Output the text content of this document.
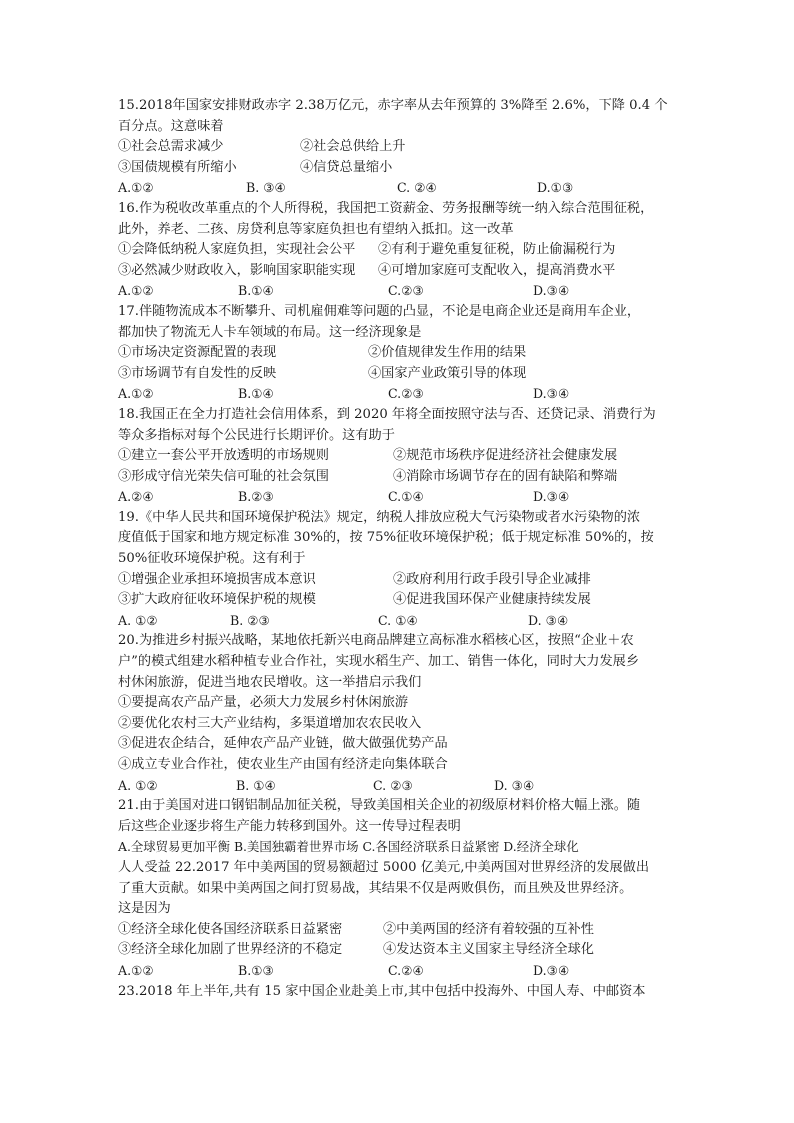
15.2018年国家安排财政赤字 2.38万亿元，赤字率从去年预算的 3%降至 2.6%，下降 0.4 个
百分点。这意味着
①社会总需求减少	②社会总供给上升
③国债规模有所缩小	④信贷总量缩小
A.①②	B. ③④	C. ②④	D.①③
16.作为税收改革重点的个人所得税，我国把工资薪金、劳务报酬等统一纳入综合范围征税，
此外，养老、二孩、房贷利息等家庭负担也有望纳入抵扣。这一改革
①会降低纳税人家庭负担，实现社会公平	②有利于避免重复征税，防止偷漏税行为
③必然减少财政收入，影响国家职能实现	④可增加家庭可支配收入，提高消费水平
A.①②	B.①④	C.②③	D.③④
17.伴随物流成本不断攀升、司机雇佣难等问题的凸显，不论是电商企业还是商用车企业，
都加快了物流无人卡车领域的布局。这一经济现象是
①市场决定资源配置的表现	②价值规律发生作用的结果
③市场调节有自发性的反映	④国家产业政策引导的体现
A.①②	B.①④	C.②③	D.③④
18.我国正在全力打造社会信用体系，到 2020 年将全面按照守法与否、还贷记录、消费行为
等众多指标对每个公民进行长期评价。这有助于
①建立一套公平开放透明的市场规则	②规范市场秩序促进经济社会健康发展
③形成守信光荣失信可耻的社会氛围	④消除市场调节存在的固有缺陷和弊端
A.②④	B.②③	C.①④	D.③④
19.《中华人民共和国环境保护税法》规定，纳税人排放应税大气污染物或者水污染物的浓
度值低于国家和地方规定标准 30%的，按 75%征收环境保护税；低于规定标准 50%的，按
50%征收环境保护税。这有利于
①增强企业承担环境损害成本意识	②政府利用行政手段引导企业减排
③扩大政府征收环境保护税的规模	④促进我国环保产业健康持续发展
A. ①②	B. ②③	C. ①④	D. ③④
20.为推进乡村振兴战略，某地依托新兴电商品牌建立高标准水稻核心区，按照“企业＋农
户”的模式组建水稻种植专业合作社，实现水稻生产、加工、销售一体化，同时大力发展乡
村休闲旅游，促进当地农民增收。这一举措启示我们
①要提高农产品产量，必须大力发展乡村休闲旅游
②要优化农村三大产业结构，多渠道增加农农民收入
③促进农企结合，延伸农产品产业链，做大做强优势产品
④成立专业合作社，使农业生产由国有经济走向集体联合
A. ①②	B. ①④	C. ②③	D. ③④
21.由于美国对进口钢铝制品加征关税，导致美国相关企业的初级原材料价格大幅上涨。随
后这些企业逐步将生产能力转移到国外。这一传导过程表明
A.全球贸易更加平衡 B.美国独霸着世界市场 C.各国经济联系日益紧密 D.经济全球化
人人受益 22.2017 年中美两国的贸易额超过 5000 亿美元,中美两国对世界经济的发展做出
了重大贡献。如果中美两国之间打贸易战，其结果不仅是两败俱伤，而且殃及世界经济。
这是因为
①经济全球化使各国经济联系日益紧密	②中美两国的经济有着较强的互补性
③经济全球化加剧了世界经济的不稳定	④发达资本主义国家主导经济全球化
A.①②	B.①③	C.②④	D.③④
23.2018 年上半年,共有 15 家中国企业赴美上市,其中包括中投海外、中国人寿、中邮资本
